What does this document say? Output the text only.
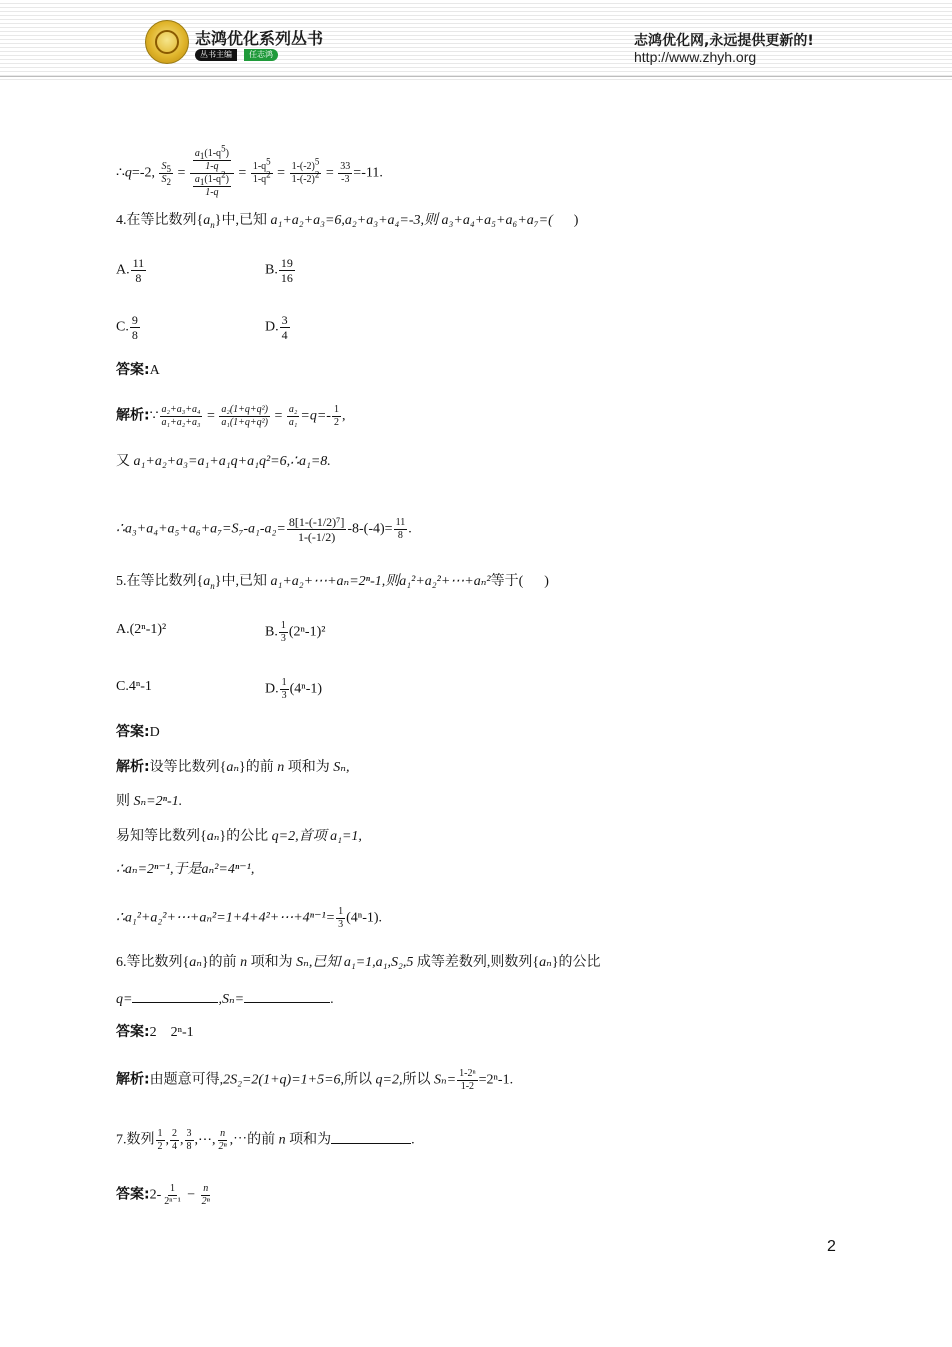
志鸿优化系列丛书
丛书主编	任志鸿
志鸿优化网,永远提供更新的!
http://www.zhyh.org
∴q=-2, $\frac{S_5}{S_2} = \frac{\frac{a_1(1-q^5)}{1-q}}{\frac{a_1(1-q^2)}{1-q}} = \frac{1-q^5}{1-q^2} = \frac{1-(-2)^5}{1-(-2)^2} = \frac{33}{-3} =-11$.
4.在等比数列$\{a_n\}$中,已知 a₁+a₂+a₃=6,a₂+a₃+a₄=-3,则 a₃+a₄+a₅+a₆+a₇=( )
A. $\frac{11}{8}$	B. $\frac{19}{16}$
C. $\frac{9}{8}$	D. $\frac{3}{4}$
答案:A
解析:∵ $\frac{\text{a₂+a₃+a₄}}{\text{a₁+a₂+a₃}} = \frac{\text{a₂(1+q+q²)}}{\text{a₁(1+q+q²)}} = \frac{\text{a₂}}{\text{a₁}} =q=- \frac{1}{2}$ ,
又 a₁+a₂+a₃=a₁+a₁q+a₁q²=6,∴a₁=8.
∴a₃+a₄+a₅+a₆+a₇=S₇-a₁-a₂= $\frac{\text{8[1-(-1/2)⁷]}}{1-(-1/2)} -8-(-4)= \frac{11}{8}$ .
5.在等比数列$\{a_n\}$中,已知 a₁+a₂+⋯+aₙ=2ⁿ-1,则a₁²+a₂²+⋯+aₙ²等于( )
A.(2ⁿ-1)²	B. $\frac{1}{3} (2^n-1)^2$
C.4ⁿ-1	D. $\frac{1}{3} (4^n-1)$
答案:D
解析:设等比数列{aₙ}的前 n 项和为 Sₙ,
则 Sₙ=2ⁿ-1.
易知等比数列{aₙ}的公比 q=2,首项 a₁=1,
∴aₙ=2ⁿ⁻¹,于是aₙ²=4ⁿ⁻¹,
∴a₁²+a₂²+⋯+aₙ²=1+4+4²+⋯+4ⁿ⁻¹= $\frac{1}{3} (4^n-1)$.
6.等比数列{aₙ}的前 n 项和为 Sₙ,已知 a₁=1,a₁,S₂,5 成等差数列,则数列{aₙ}的公比
q=	,Sₙ=	.
答案:2　2ⁿ-1
解析:由题意可得,2S₂=2(1+q)=1+5=6,所以 q=2,所以 $S_n= \frac{\text{1-2ⁿ}}{1-2} =2^n-1$.
7.数列 $\frac{1}{2}$ , $\frac{2}{4}$ , $\frac{3}{8}$ ,⋯, $\frac{n}{\text{2ⁿ}}$ ,⋯的前 n 项和为	.
答案:2- $\frac{1}{\text{2ⁿ⁻¹}} - \frac{n}{\text{2ⁿ}}$
2
